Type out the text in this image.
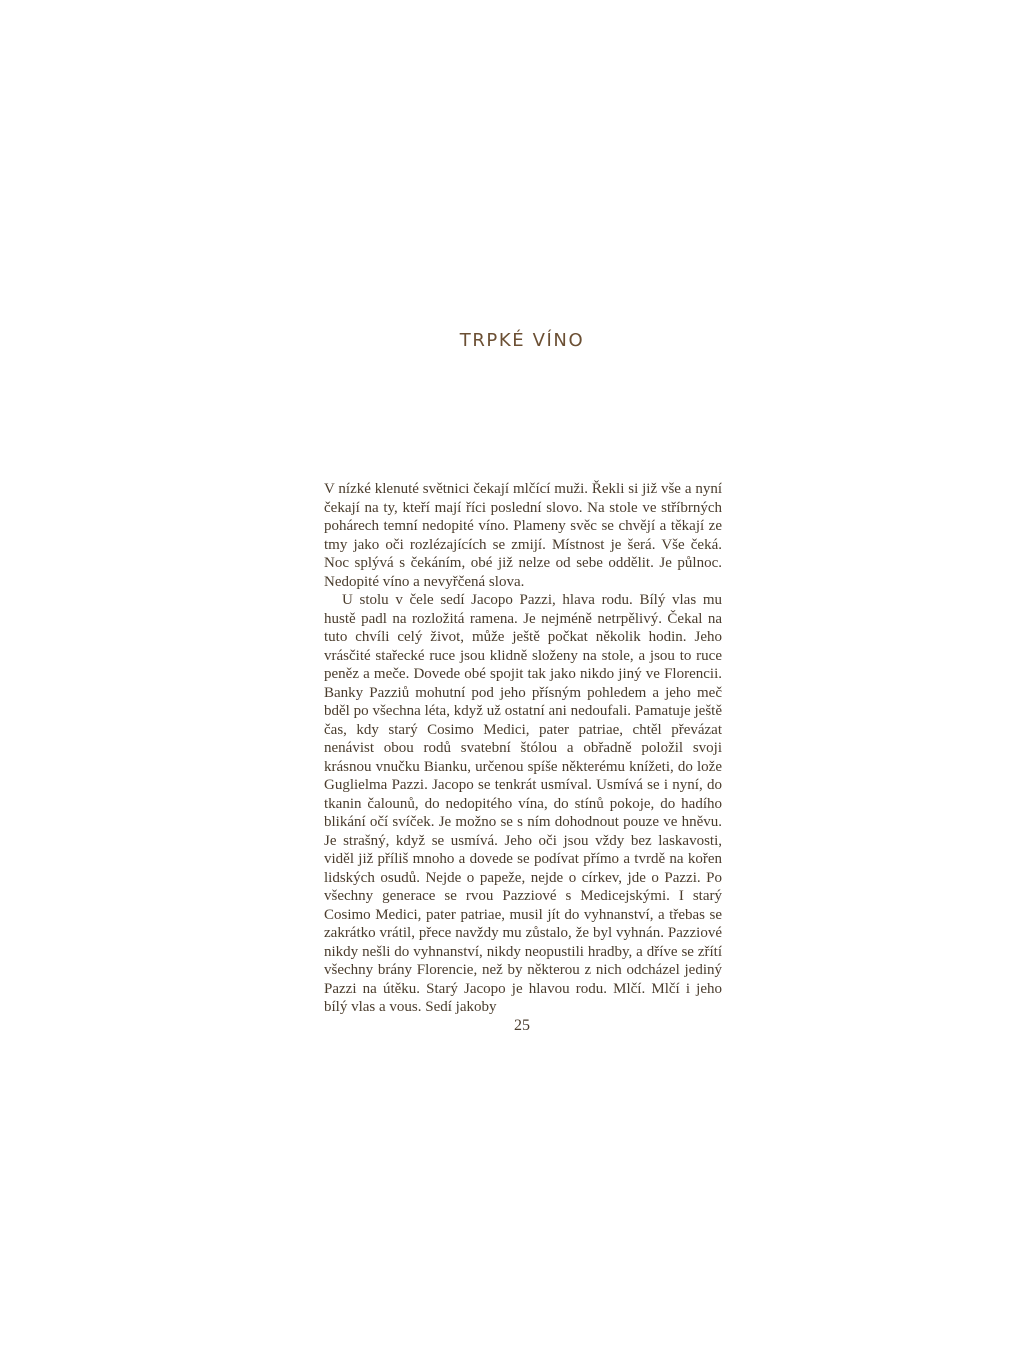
TRPKÉ VÍNO

V nízké klenuté světnici čekají mlčící muži. Řekli si již vše a nyní čekají na ty, kteří mají říci poslední slovo. Na stole ve stříbrných pohárech temní nedopité víno. Plameny svěc se chvějí a těkají ze tmy jako oči rozlézajících se zmijí. Místnost je šerá. Vše čeká. Noc splývá s čekáním, obé již nelze od sebe oddělit. Je půlnoc. Nedopité víno a nevyřčená slova.

U stolu v čele sedí Jacopo Pazzi, hlava rodu. Bílý vlas mu hustě padl na rozložitá ramena. Je nejméně netrpělivý. Čekal na tuto chvíli celý život, může ještě počkat několik hodin. Jeho vrásčité stařecké ruce jsou klidně složeny na stole, a jsou to ruce peněz a meče. Dovede obé spojit tak jako nikdo jiný ve Florencii. Banky Pazziů mohutní pod jeho přísným pohledem a jeho meč bděl po všechna léta, když už ostatní ani nedoufali. Pamatuje ještě čas, kdy starý Cosimo Medici, pater patriae, chtěl převázat nenávist obou rodů svatební štólou a obřadně položil svoji krásnou vnučku Bianku, určenou spíše některému knížeti, do lože Guglielma Pazzi. Jacopo se tenkrát usmíval. Usmívá se i nyní, do tkanin čalounů, do nedopitého vína, do stínů pokoje, do hadího blikání očí svíček. Je možno se s ním dohodnout pouze ve hněvu. Je strašný, když se usmívá. Jeho oči jsou vždy bez laskavosti, viděl již příliš mnoho a dovede se podívat přímo a tvrdě na kořen lidských osudů. Nejde o papeže, nejde o církev, jde o Pazzi. Po všechny generace se rvou Pazziové s Medicejskými. I starý Cosimo Medici, pater patriae, musil jít do vyhnanství, a třebas se zakrátko vrátil, přece navždy mu zůstalo, že byl vyhnán. Pazziové nikdy nešli do vyhnanství, nikdy neopustili hradby, a dříve se zřítí všechny brány Florencie, než by některou z nich odcházel jediný Pazzi na útěku. Starý Jacopo je hlavou rodu. Mlčí. Mlčí i jeho bílý vlas a vous. Sedí jakoby

25
